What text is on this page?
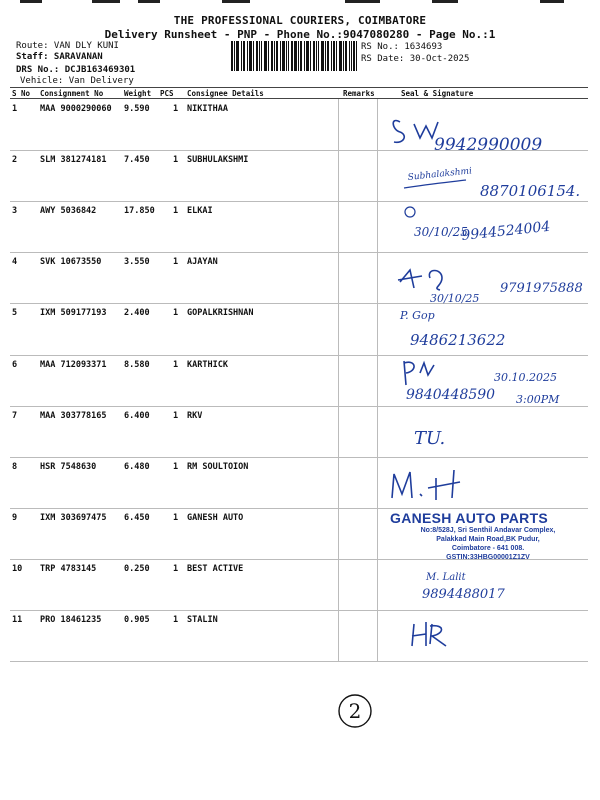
THE PROFESSIONAL COURIERS, COIMBATORE
Delivery Runsheet - PNP - Phone No.:9047080280 - Page No.:1
Route: VAN DLY KUNI
Staff: SARAVANAN
DRS No.: DCJB163469301
Vehicle: Van Delivery
RS No.: 1634693
RS Date: 30-Oct-2025
S No Consignment No	Weight PCS Consignee Details	Remarks	Seal & Signature
1	MAA 9000290060 9.590	1 NIKITHAA
2	SLM 381274181 7.450	1 SUBHULAKSHMI
3	AWY 5036842	17.850 1 ELKAI
4	SVK 10673550	3.550	1 AJAYAN
5	IXM 509177193 2.400	1 GOPALKRISHNAN
6	MAA 712093371 8.580	1 KARTHICK
7	MAA 303778165 6.400	1 RKV
8	HSR 7548630	6.480	1 RM SOULTOION
9	IXM 303697475 6.450	1 GANESH AUTO
10 TRP 4783145	0.250	1 BEST ACTIVE
11 PRO 18461235	0.905	1 STALIN
9942990009
Subhalakshmi
8870106154.
30/10/25
9944524004
30/10/25
9791975888
P. Gop
9486213622
30.10.2025
9840448590 3:00PM
TU.
M.H
GANESH AUTO PARTS
No:8/528J, Sri Senthil Andavar Complex,
Palakkad Main Road,BK Pudur,
Coimbatore - 641 008.
GSTIN:33HBG00001Z1ZV
M. Lalit
9894488017
HR
2
